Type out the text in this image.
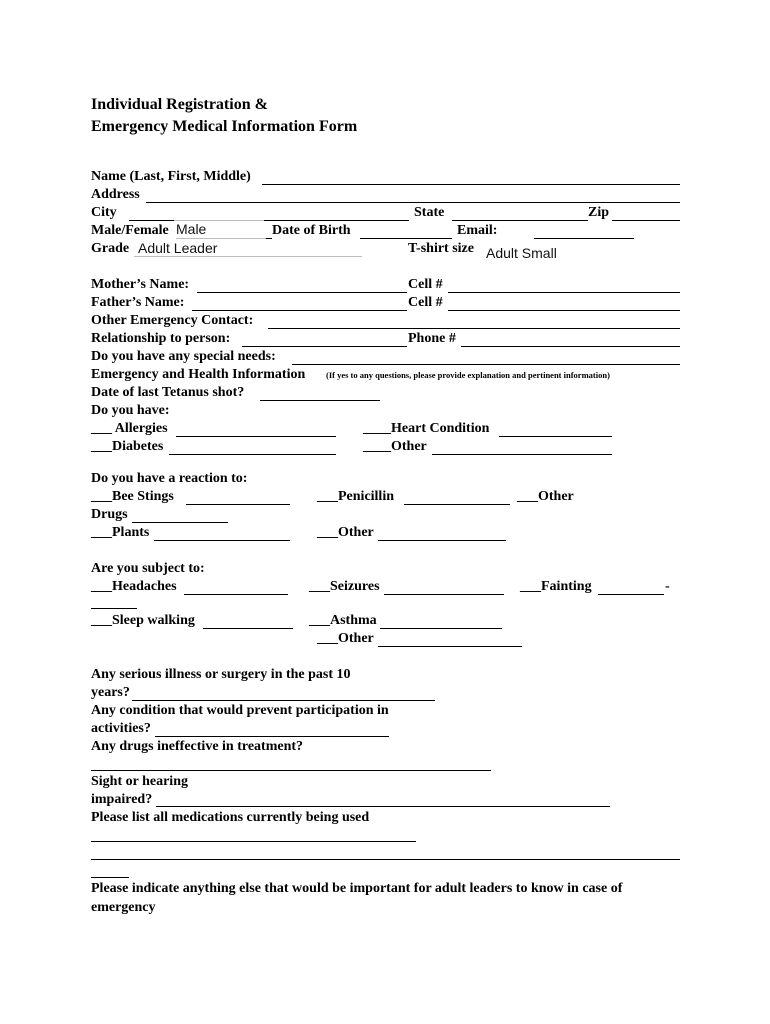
Individual Registration &
Emergency Medical Information Form
Name (Last, First, Middle)
Address
City	State	Zip
Male/Female Male	Date of Birth	Email:
Grade Adult Leader	T-shirt size Adult Small
Mother’s Name:	Cell #
Father’s Name:	Cell #
Other Emergency Contact:
Relationship to person:	Phone #
Do you have any special needs:
Emergency and Health Information (If yes to any questions, please provide explanation and pertinent information)
Date of last Tetanus shot?
Do you have:
___ Allergies	____Heart Condition
___Diabetes	____Other
Do you have a reaction to:
___Bee Stings	___Penicillin	___Other
Drugs
___Plants	___Other
Are you subject to:
___Headaches	___Seizures	___Fainting	-
___Sleep walking	___Asthma
___Other
Any serious illness or surgery in the past 10
years?
Any condition that would prevent participation in
activities?
Any drugs ineffective in treatment?
Sight or hearing
impaired?
Please list all medications currently being used
Please indicate anything else that would be important for adult leaders to know in case of
emergency
